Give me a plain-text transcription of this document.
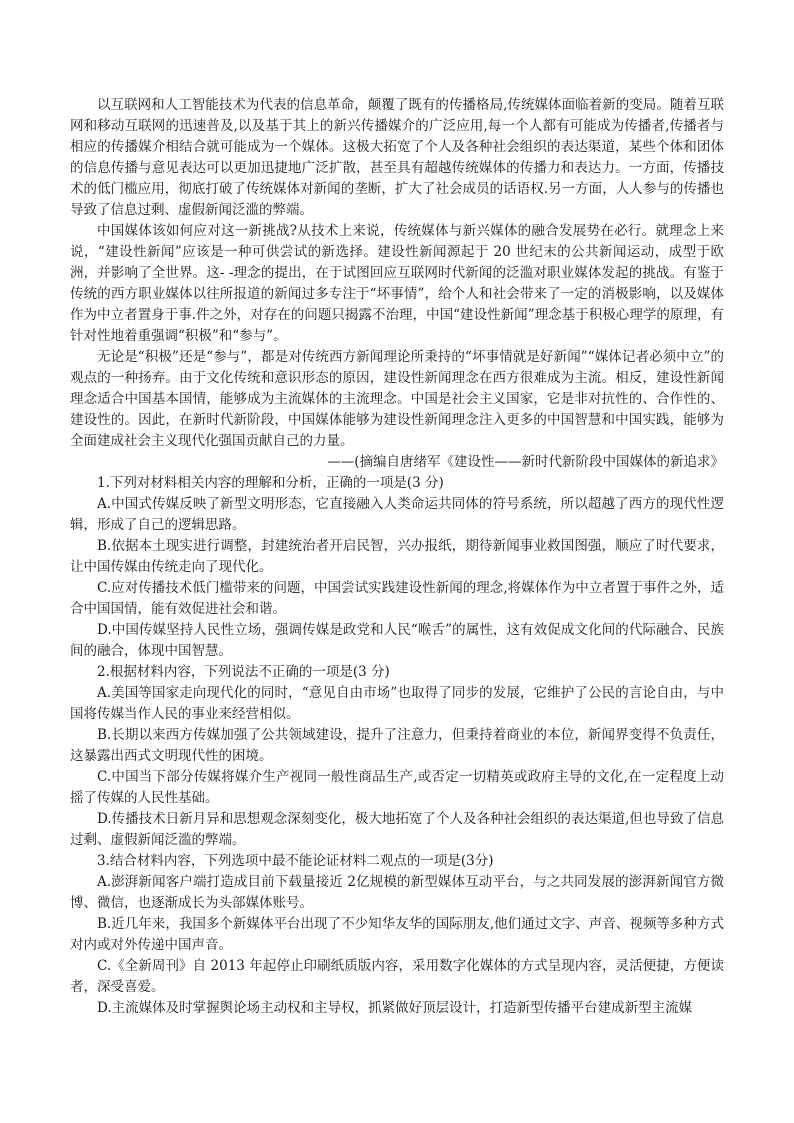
以互联网和人工智能技术为代表的信息革命，颠覆了既有的传播格局,传统媒体面临着新的变局。随着互联网和移动互联网的迅速普及,以及基于其上的新兴传播媒介的广泛应用,每一个人都有可能成为传播者,传播者与相应的传播媒介相结合就可能成为一个媒体。这极大拓宽了个人及各种社会组织的表达渠道，某些个体和团体的信息传播与意见表达可以更加迅捷地广泛扩散，甚至具有超越传统媒体的传播力和表达力。一方面，传播技术的低门槛应用，彻底打破了传统媒体对新闻的垄断，扩大了社会成员的话语权.另一方面，人人参与的传播也导致了信息过剩、虚假新闻泛滥的弊端。

中国媒体该如何应对这一新挑战?从技术上来说，传统媒体与新兴媒体的融合发展势在必行。就理念上来说，“建设性新闻”应该是一种可供尝试的新选择。建设性新闻源起于 20 世纪末的公共新闻运动，成型于欧洲，并影响了全世界。这- -理念的提出，在于试图回应互联网时代新闻的泛滥对职业媒体发起的挑战。有鉴于传统的西方职业媒体以往所报道的新闻过多专注于“坏事情”，给个人和社会带来了一定的消极影响，以及媒体作为中立者置身于事.件之外，对存在的问题只揭露不治理，中国“建设性新闻”理念基于积极心理学的原理，有针对性地着重强调“积极”和“参与”。

无论是“积极”还是“参与”，都是对传统西方新闻理论所秉持的“坏事情就是好新闻”“媒体记者必须中立”的观点的一种扬弃。由于文化传统和意识形态的原因，建设性新闻理念在西方很难成为主流。相反，建设性新闻理念适合中国基本国情，能够成为主流媒体的主流理念。中国是社会主义国家，它是非对抗性的、合作性的、建设性的。因此，在新时代新阶段，中国媒体能够为建设性新闻理念注入更多的中国智慧和中国实践，能够为全面建成社会主义现代化强国贡献自己的力量。

——(摘编自唐绪军《建设性——新时代新阶段中国媒体的新追求》

1.下列对材料相关内容的理解和分析，正确的一项是(3 分)

A.中国式传媒反映了新型文明形态，它直接融入人类命运共同体的符号系统，所以超越了西方的现代性逻辑，形成了自己的逻辑思路。

B.依据本土现实进行调整，封建统治者开启民智，兴办报纸，期待新闻事业救国图强，顺应了时代要求，让中国传媒由传统走向了现代化。

C.应对传播技术低门槛带来的问题，中国尝试实践建设性新闻的理念,将媒体作为中立者置于事件之外，适合中国国情，能有效促进社会和谐。

D.中国传媒坚持人民性立场，强调传媒是政党和人民“喉舌”的属性，这有效促成文化间的代际融合、民族间的融合，体现中国智慧。

2.根据材料内容，下列说法不正确的一项是(3 分)

A.美国等国家走向现代化的同时，“意见自由市场”也取得了同步的发展，它维护了公民的言论自由，与中国将传媒当作人民的事业来经营相似。

B.长期以来西方传媒加强了公共领域建设，提升了注意力，但秉持着商业的本位，新闻界变得不负责任，这暴露出西式文明现代性的困境。

C.中国当下部分传媒将媒介生产视同一般性商品生产,或否定一切精英或政府主导的文化,在一定程度上动摇了传媒的人民性基础。

D.传播技术日新月异和思想观念深刻变化，极大地拓宽了个人及各种社会组织的表达渠道,但也导致了信息过剩、虚假新闻泛滥的弊端。

3.结合材料内容，下列选项中最不能论证材料二观点的一项是(3分)

A.澎湃新闻客户端打造成目前下载量接近 2亿规模的新型媒体互动平台，与之共同发展的澎湃新闻官方微博、微信，也逐渐成长为头部媒体账号。

B.近几年来，我国多个新媒体平台出现了不少知华友华的国际朋友,他们通过文字、声音、视频等多种方式对内或对外传递中国声音。

C.《全新周刊》自 2013 年起停止印刷纸质版内容，采用数字化媒体的方式呈现内容，灵活便捷，方便读者，深受喜爱。

D.主流媒体及时掌握舆论场主动权和主导权，抓紧做好顶层设计，打造新型传播平台建成新型主流媒
